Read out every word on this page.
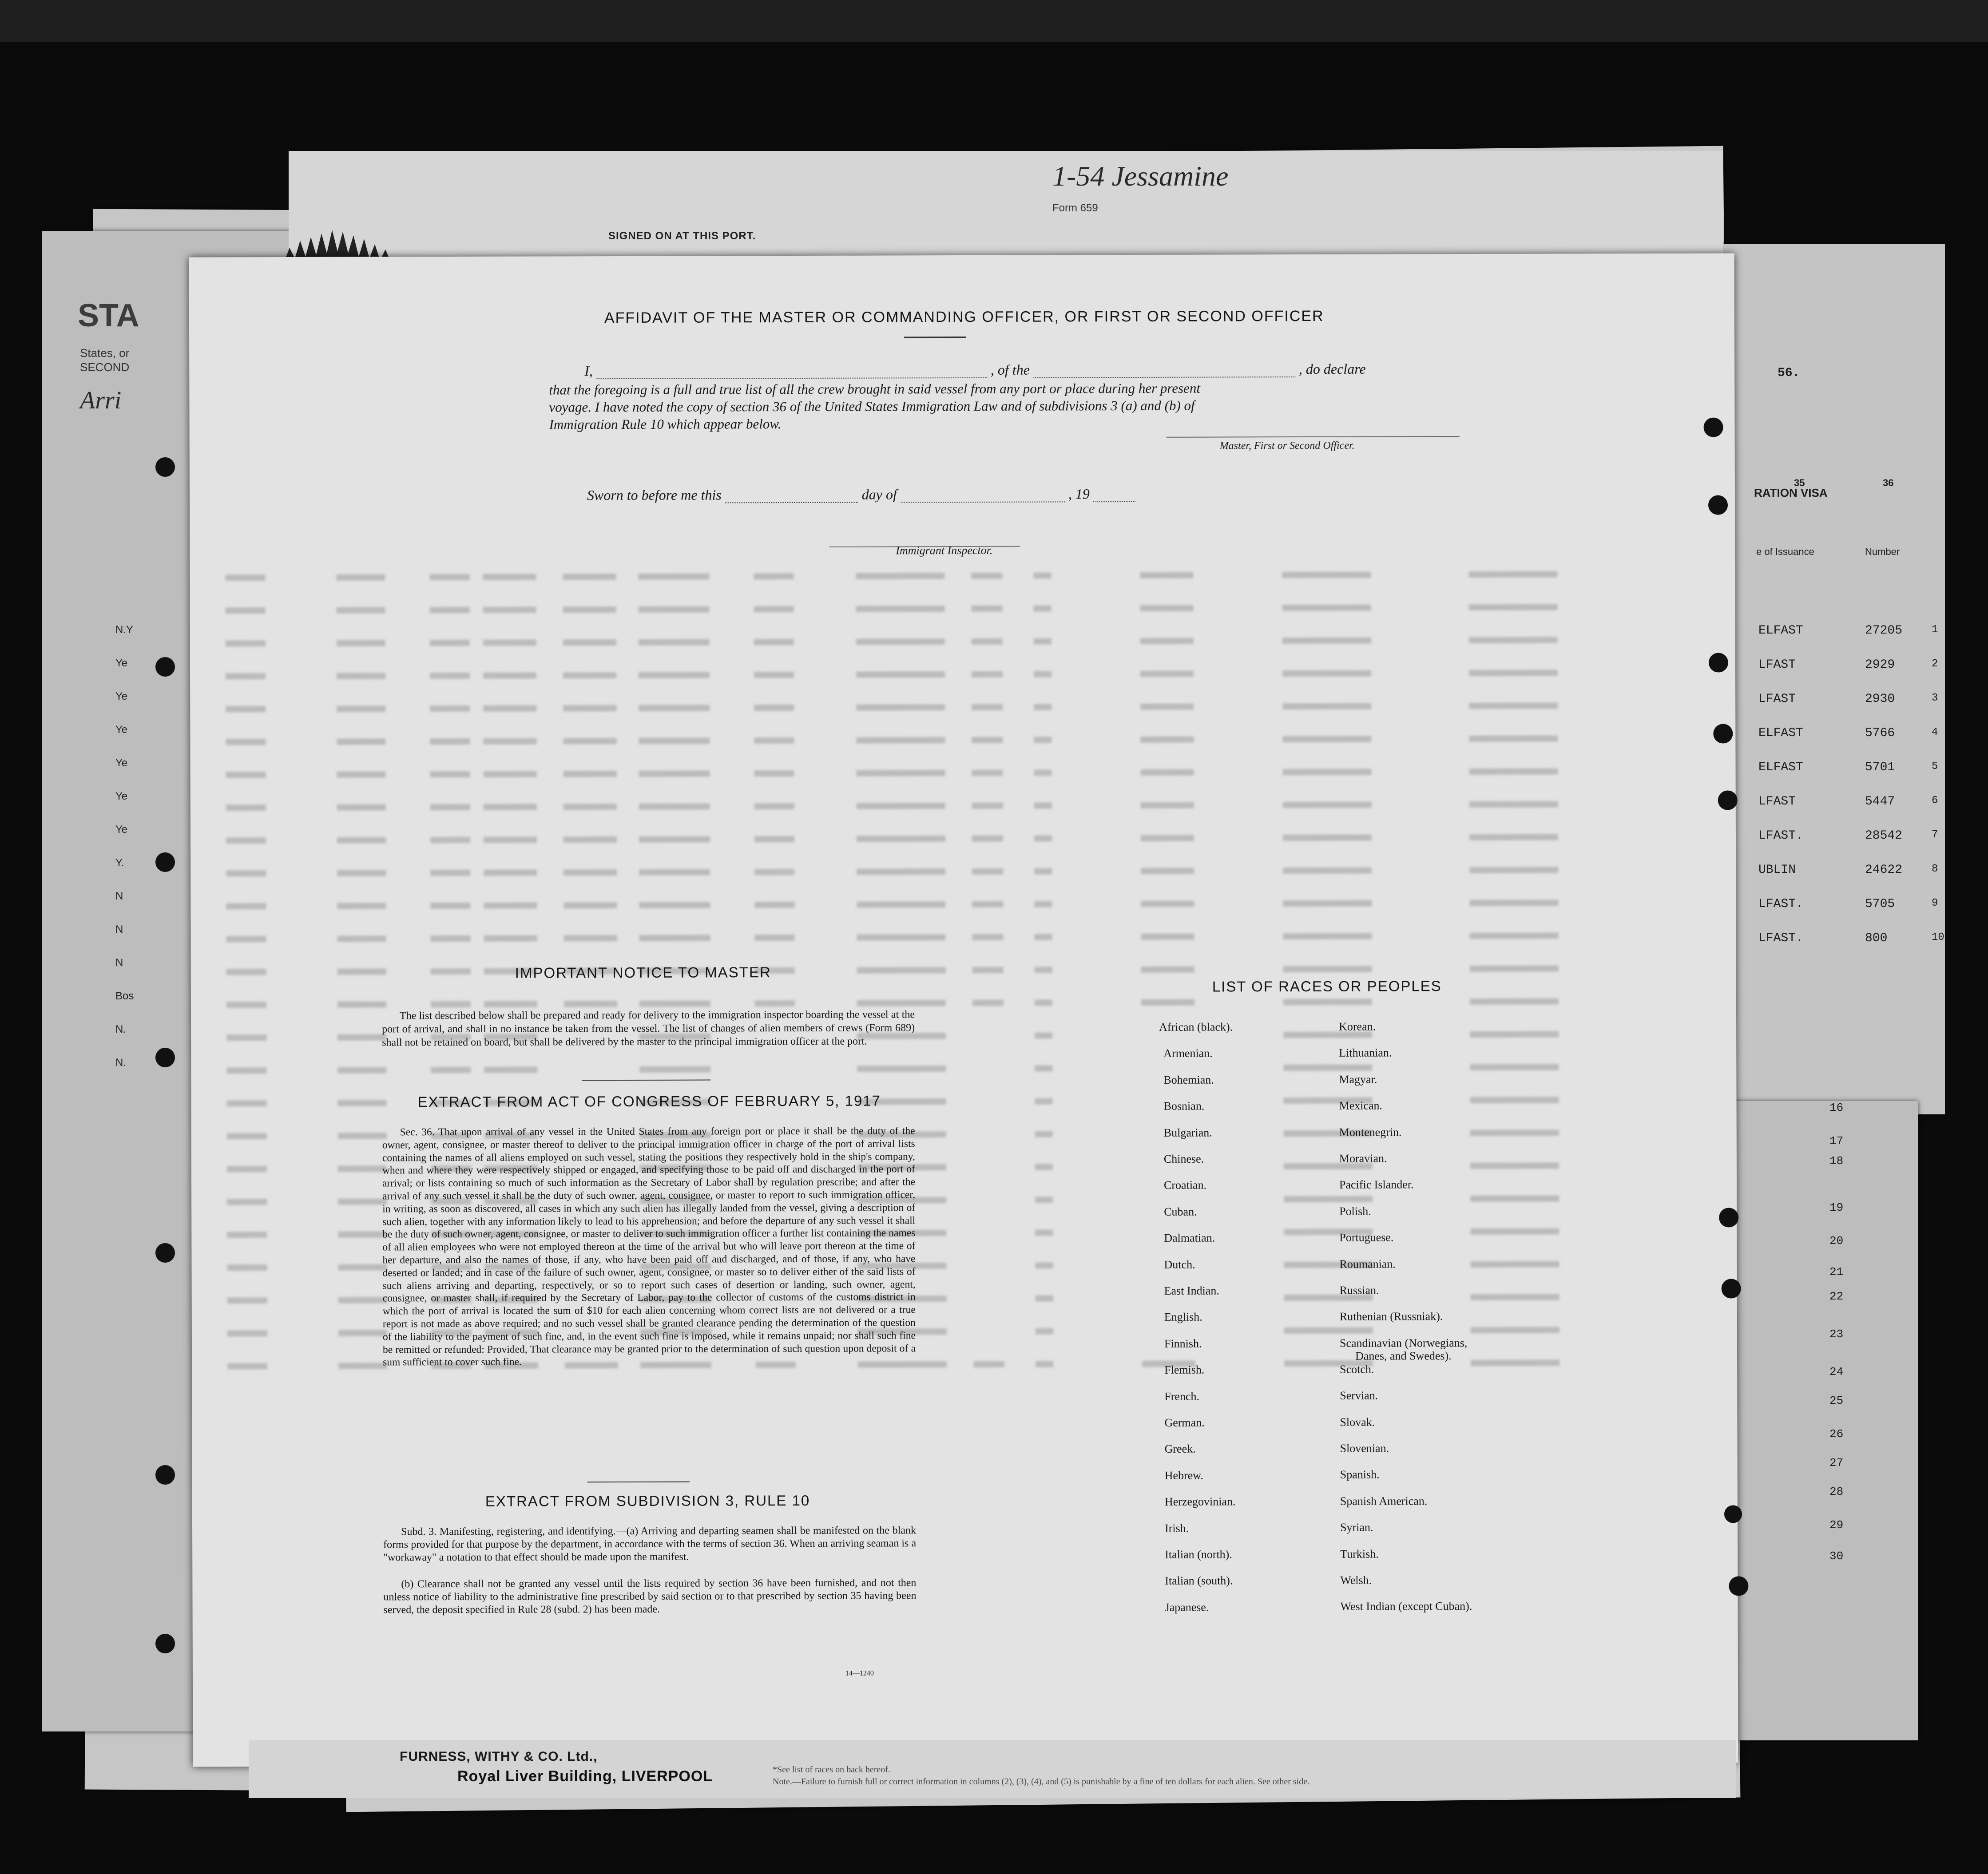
1-54 Jessamine
Form 659
SIGNED ON AT THIS PORT.
STA
States, or
SECOND
Arri
N.Y
Ye
Ye
Ye
Ye
Ye
Ye
Y.
N
N
N
Bos
N.
N.
56.
35	36
RATION VISA
e of Issuance	Number
ELFAST	27205	1
LFAST	2929	2
LFAST	2930	3
ELFAST	5766	4
ELFAST	5701	5
LFAST	5447	6
LFAST.	28542	7
UBLIN	24622	8
LFAST.	5705	9
LFAST.	800	10
16
17
18
19
20
21
22
23
24
25
26
27
28
29
30
AFFIDAVIT OF THE MASTER OR COMMANDING OFFICER, OR FIRST OR SECOND OFFICER
I,	, of the	, do declare
that the foregoing is a full and true list of all the crew brought in said vessel from any port or place during her present
voyage. I have noted the copy of section 36 of the United States Immigration Law and of subdivisions 3 (a) and (b) of
Immigration Rule 10 which appear below.
Master, First or Second Officer.
Sworn to before me this	day of	, 19
Immigrant Inspector.
IMPORTANT NOTICE TO MASTER
The list described below shall be prepared and ready for delivery to the immigration inspector boarding the vessel at the port of arrival, and shall in no instance be taken from the vessel. The list of changes of alien members of crews (Form 689) shall not be retained on board, but shall be delivered by the master to the principal immigration officer at the port.
EXTRACT FROM ACT OF CONGRESS OF FEBRUARY 5, 1917
Sec. 36. That upon arrival of any vessel in the United States from any foreign port or place it shall be the duty of the owner, agent, consignee, or master thereof to deliver to the principal immigration officer in charge of the port of arrival lists containing the names of all aliens employed on such vessel, stating the positions they respectively hold in the ship's company, when and where they were respectively shipped or engaged, and specifying those to be paid off and discharged in the port of arrival; or lists containing so much of such information as the Secretary of Labor shall by regulation prescribe; and after the arrival of any such vessel it shall be the duty of such owner, agent, consignee, or master to report to such immigration officer, in writing, as soon as discovered, all cases in which any such alien has illegally landed from the vessel, giving a description of such alien, together with any information likely to lead to his apprehension; and before the departure of any such vessel it shall be the duty of such owner, agent, consignee, or master to deliver to such immigration officer a further list containing the names of all alien employees who were not employed thereon at the time of the arrival but who will leave port thereon at the time of her departure, and also the names of those, if any, who have been paid off and discharged, and of those, if any, who have deserted or landed; and in case of the failure of such owner, agent, consignee, or master so to deliver either of the said lists of such aliens arriving and departing, respectively, or so to report such cases of desertion or landing, such owner, agent, consignee, or master shall, if required by the Secretary of Labor, pay to the collector of customs of the customs district in which the port of arrival is located the sum of $10 for each alien concerning whom correct lists are not delivered or a true report is not made as above required; and no such vessel shall be granted clearance pending the determination of the question of the liability to the payment of such fine, and, in the event such fine is imposed, while it remains unpaid; nor shall such fine be remitted or refunded: Provided, That clearance may be granted prior to the determination of such question upon deposit of a sum sufficient to cover such fine.
EXTRACT FROM SUBDIVISION 3, RULE 10
Subd. 3. Manifesting, registering, and identifying.—(a) Arriving and departing seamen shall be manifested on the blank forms provided for that purpose by the department, in accordance with the terms of section 36. When an arriving seaman is a "workaway" a notation to that effect should be made upon the manifest.
(b) Clearance shall not be granted any vessel until the lists required by section 36 have been furnished, and not then unless notice of liability to the administrative fine prescribed by said section or to that prescribed by section 35 having been served, the deposit specified in Rule 28 (subd. 2) has been made.
14—1240
LIST OF RACES OR PEOPLES
African (black).
Armenian.
Bohemian.
Bosnian.
Bulgarian.
Chinese.
Croatian.
Cuban.
Dalmatian.
Dutch.
East Indian.
English.
Finnish.
Flemish.
French.
German.
Greek.
Hebrew.
Herzegovinian.
Irish.
Italian (north).
Italian (south).
Japanese.
Korean.
Lithuanian.
Magyar.
Mexican.
Montenegrin.
Moravian.
Pacific Islander.
Polish.
Portuguese.
Roumanian.
Russian.
Ruthenian (Russniak).
Scandinavian (Norwegians,
Danes, and Swedes).
Scotch.
Servian.
Slovak.
Slovenian.
Spanish.
Spanish American.
Syrian.
Turkish.
Welsh.
West Indian (except Cuban).
FURNESS, WITHY & CO. Ltd.,
Royal Liver Building, LIVERPOOL	*See list of races on back hereof.
Note.—Failure to furnish full or correct information in columns (2), (3), (4), and (5) is punishable by a fine of ten dollars for each alien. See other side.
